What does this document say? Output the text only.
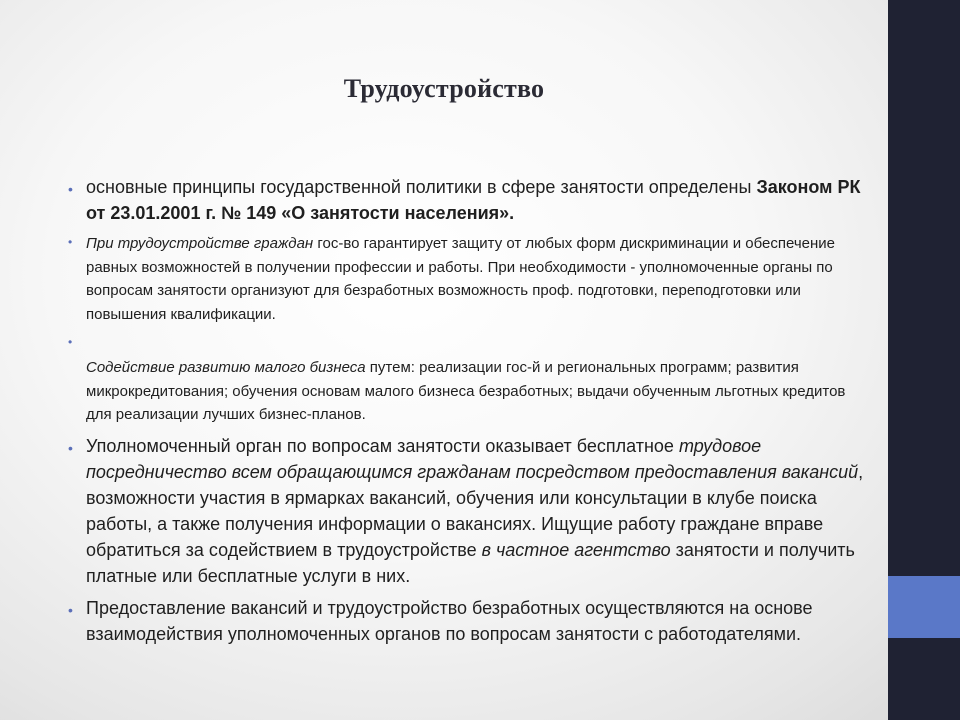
Трудоустройство
• основные принципы государственной политики в сфере занятости определены Законом РК от 23.01.2001 г. № 149 «О занятости населения».
• При трудоустройстве граждан гос-во гарантирует защиту от любых форм дискриминации и обеспечение равных возможностей в получении профессии и работы. При необходимости - уполномоченные органы по вопросам занятости организуют для безработных возможность проф. подготовки, переподготовки или повышения квалификации.
•
Содействие развитию малого бизнеса путем: реализации гос-й и региональных программ; развития микрокредитования; обучения основам малого бизнеса безработных; выдачи обученным льготных кредитов для реализации лучших бизнес-планов.
• Уполномоченный орган по вопросам занятости оказывает бесплатное трудовое посредничество всем обращающимся гражданам посредством предоставления вакансий, возможности участия в ярмарках вакансий, обучения или консультации в клубе поиска работы, а также получения информации о вакансиях. Ищущие работу граждане вправе обратиться за содействием в трудоустройстве в частное агентство занятости и получить платные или бесплатные услуги в них.
• Предоставление вакансий и трудоустройство безработных осуществляются на основе взаимодействия уполномоченных органов по вопросам занятости с работодателями.
